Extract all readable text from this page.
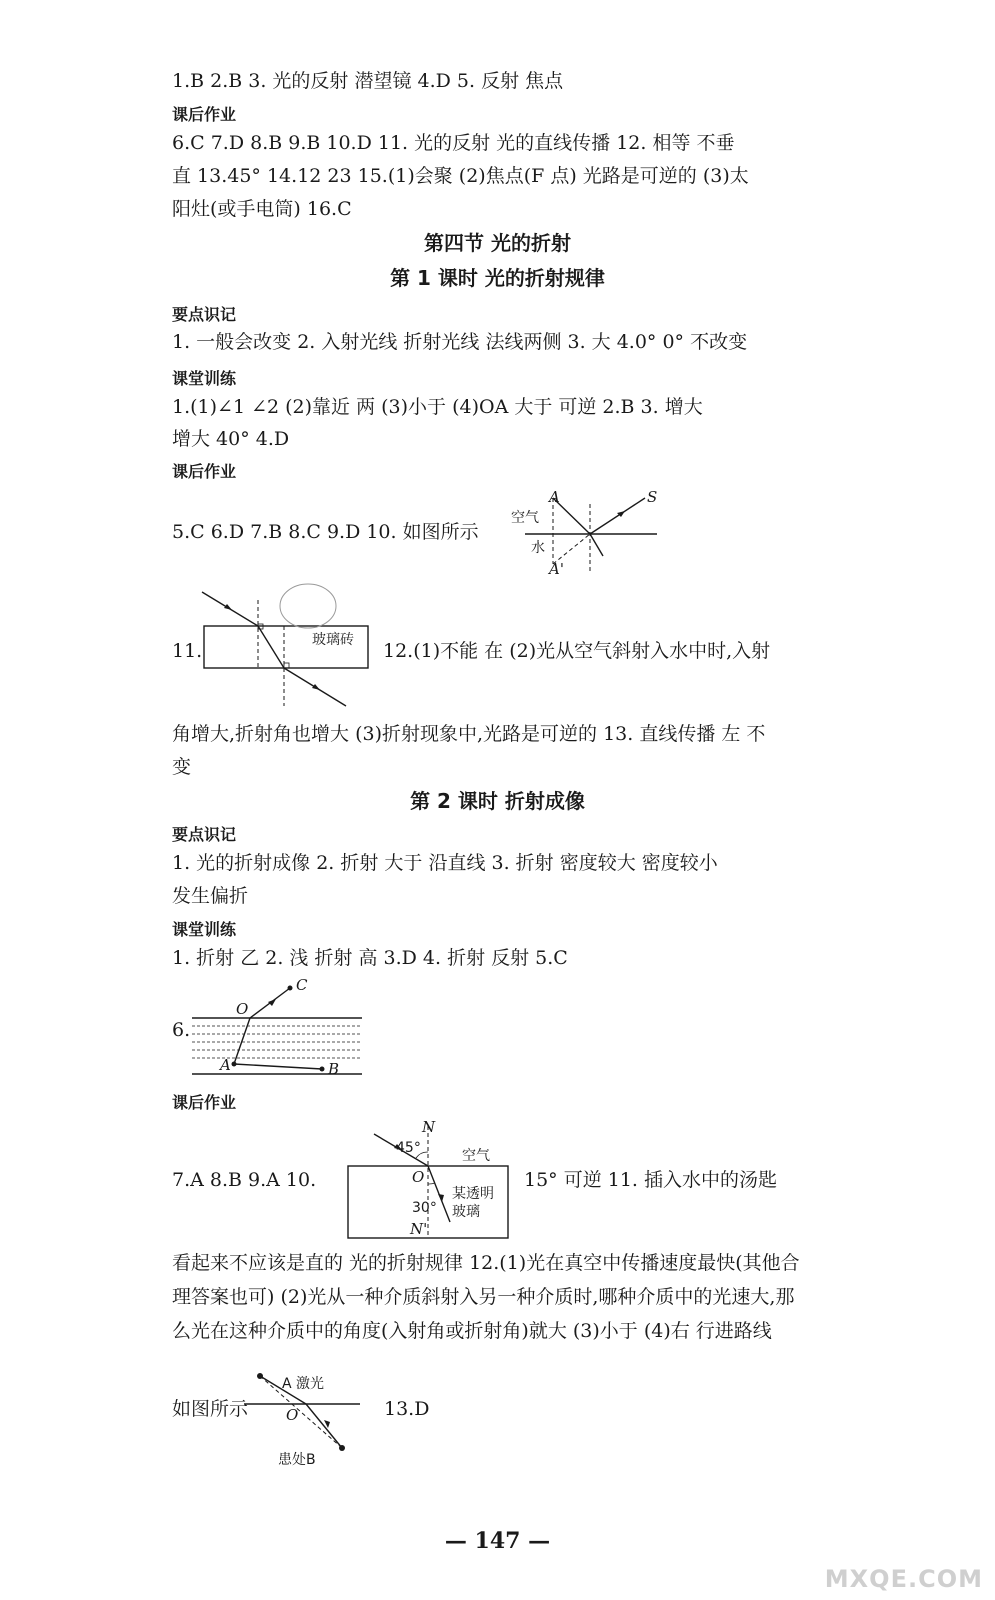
1.B 2.B 3. 光的反射 潜望镜 4.D 5. 反射 焦点
课后作业
6.C 7.D 8.B 9.B 10.D 11. 光的反射 光的直线传播 12. 相等 不垂
直 13.45° 14.12 23 15.(1)会聚 (2)焦点(F 点) 光路是可逆的 (3)太
阳灶(或手电筒) 16.C
第四节 光的折射
第 1 课时 光的折射规律
要点识记
1. 一般会改变 2. 入射光线 折射光线 法线两侧 3. 大 4.0° 0° 不改变
课堂训练
1.(1)∠1 ∠2 (2)靠近 两 (3)小于 (4)OA 大于 可逆 2.B 3. 增大
增大 40° 4.D
课后作业
5.C 6.D 7.B 8.C 9.D 10. 如图所示
A
A'
S
空气
水
11.	12.(1)不能 在 (2)光从空气斜射入水中时,入射
玻璃砖
角增大,折射角也增大 (3)折射现象中,光路是可逆的 13. 直线传播 左 不
变
第 2 课时 折射成像
要点识记
1. 光的折射成像 2. 折射 大于 沿直线 3. 折射 密度较大 密度较小
发生偏折
课堂训练
1. 折射 乙 2. 浅 折射 高 3.D 4. 折射 反射 5.C
6.
O
C
A	B
课后作业
7.A 8.B 9.A 10.	15° 可逆 11. 插入水中的汤匙
N
45°
O
空气
某透明
玻璃
30°
N'
看起来不应该是直的 光的折射规律 12.(1)光在真空中传播速度最快(其他合
理答案也可) (2)光从一种介质斜射入另一种介质时,哪种介质中的光速大,那
么光在这种介质中的角度(入射角或折射角)就大 (3)小于 (4)右 行进路线
如图所示
A 激光
O
患处B
13.D
— 147 —
MXQE.COM
